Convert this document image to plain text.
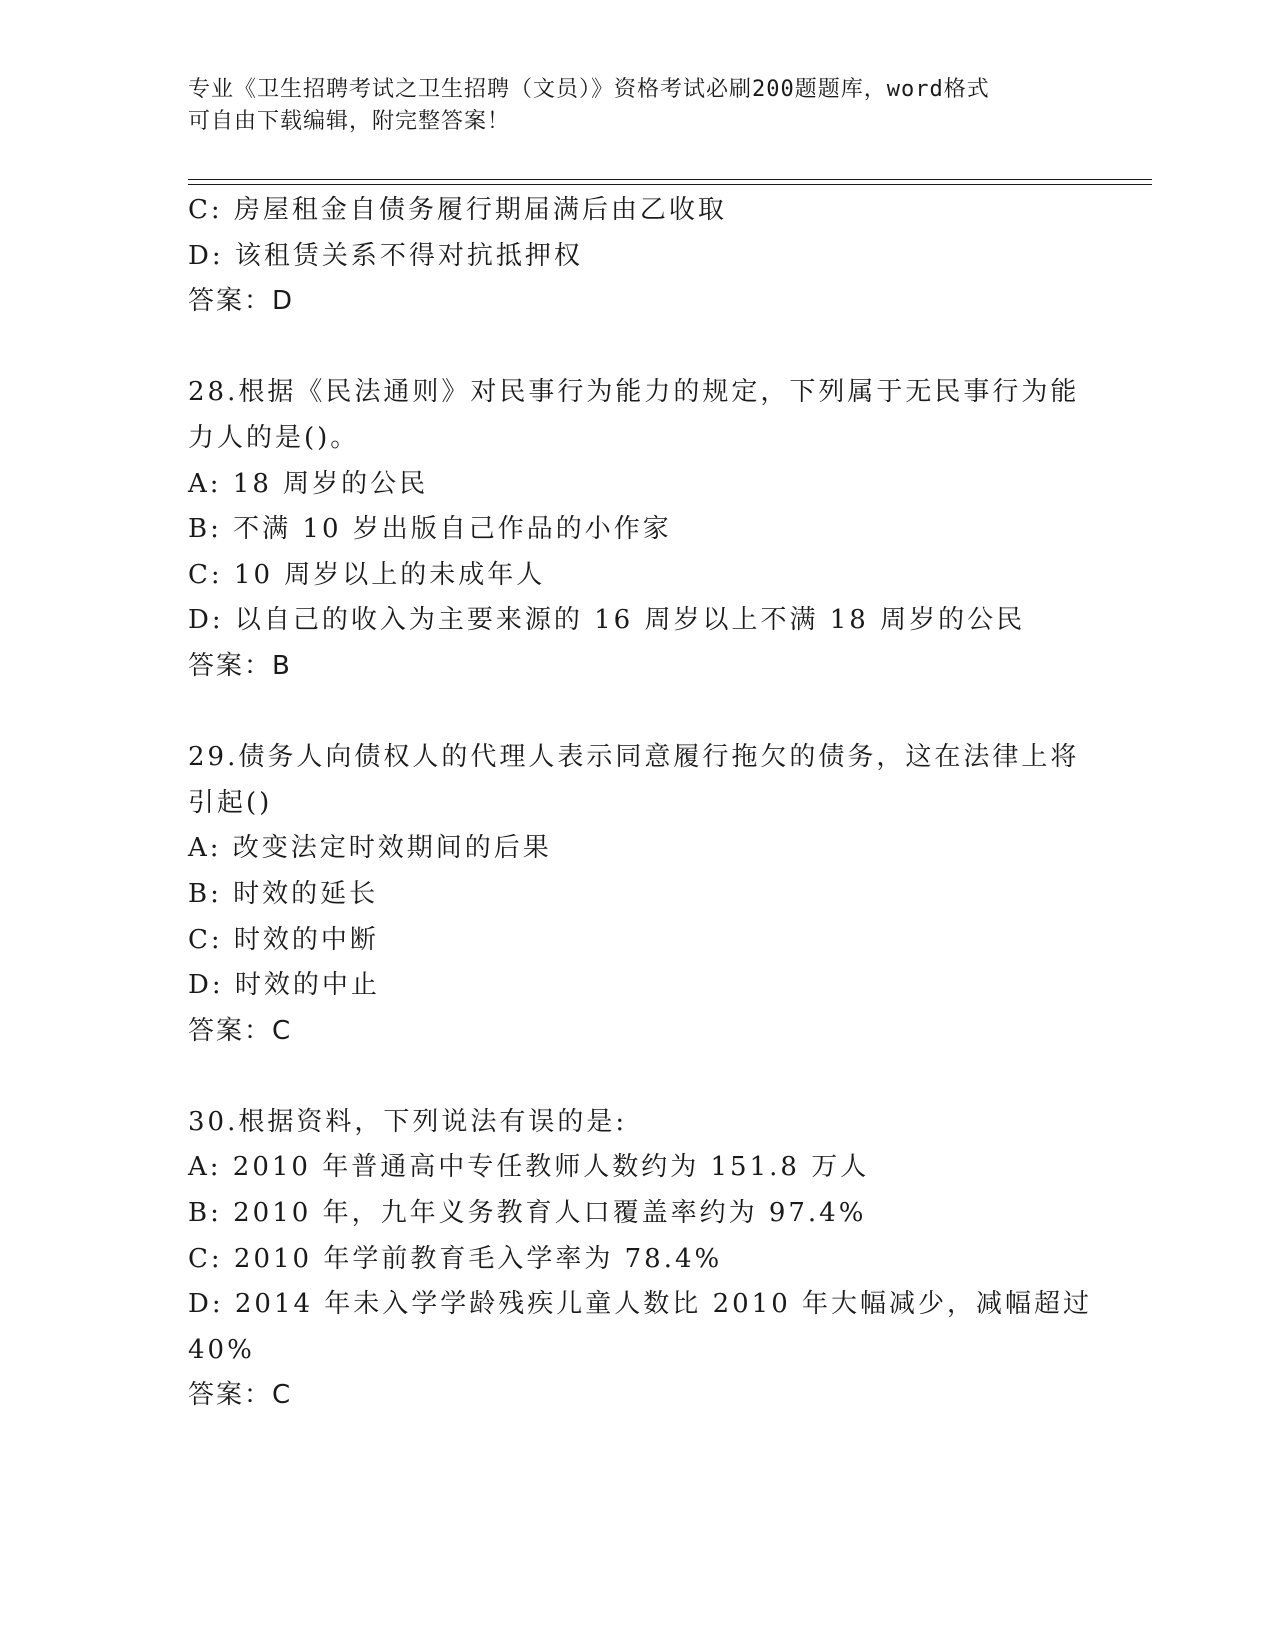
专业《卫生招聘考试之卫生招聘（文员）》资格考试必刷200题题库，word格式
可自由下载编辑，附完整答案！
C: 房屋租金自债务履行期届满后由乙收取
D: 该租赁关系不得对抗抵押权
答案：D
28.根据《民法通则》对民事行为能力的规定，下列属于无民事行为能
力人的是()。
A: 18 周岁的公民
B: 不满 10 岁出版自己作品的小作家
C: 10 周岁以上的未成年人
D: 以自己的收入为主要来源的 16 周岁以上不满 18 周岁的公民
答案：B
29.债务人向债权人的代理人表示同意履行拖欠的债务，这在法律上将
引起()
A: 改变法定时效期间的后果
B: 时效的延长
C: 时效的中断
D: 时效的中止
答案：C
30.根据资料，下列说法有误的是:
A: 2010 年普通高中专任教师人数约为 151.8 万人
B: 2010 年，九年义务教育人口覆盖率约为 97.4%
C: 2010 年学前教育毛入学率为 78.4%
D: 2014 年未入学学龄残疾儿童人数比 2010 年大幅减少，减幅超过
40%
答案：C
